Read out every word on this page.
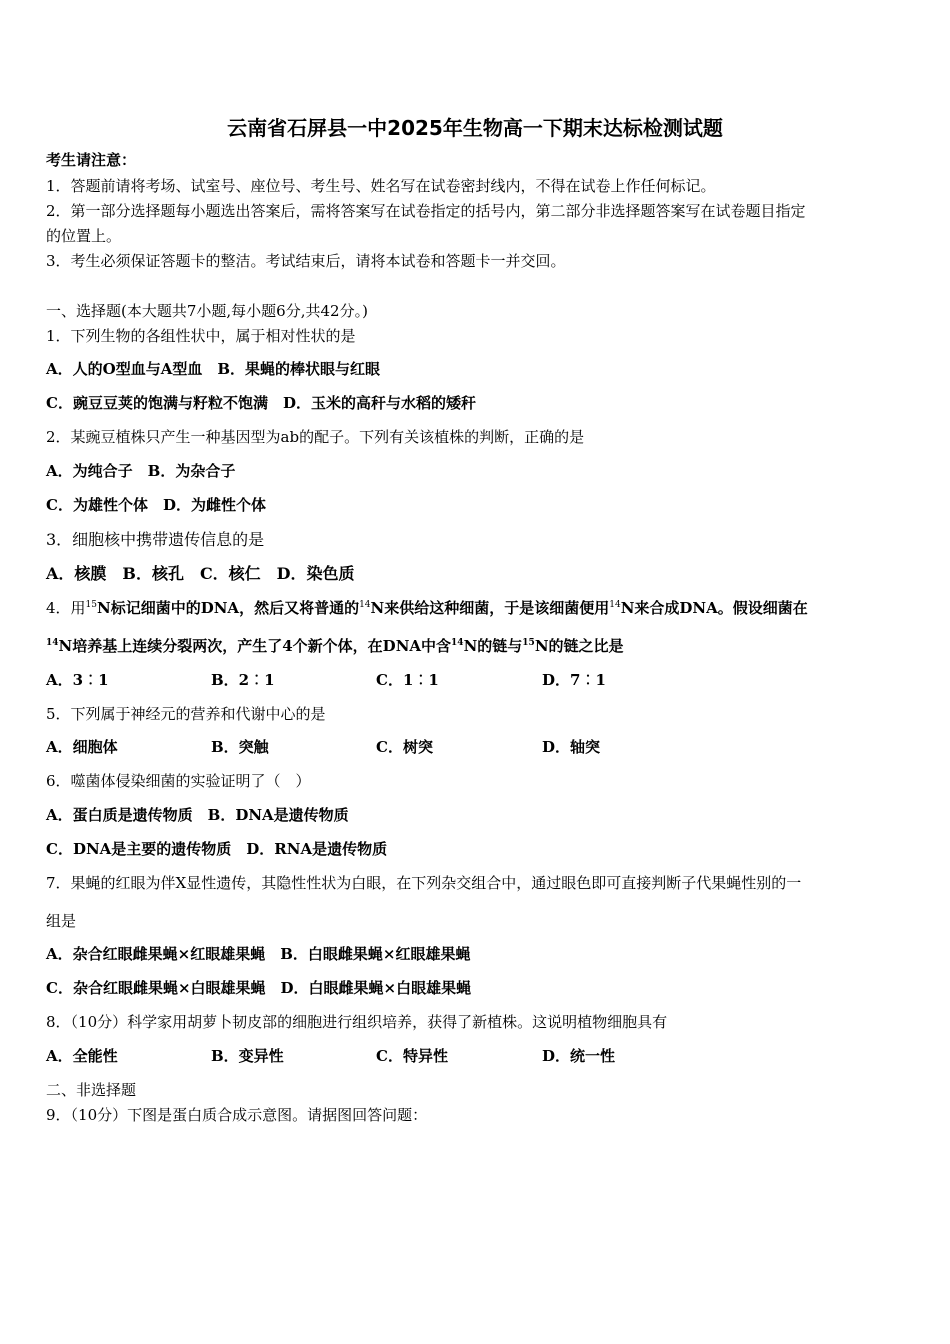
云南省石屏县一中2025年生物高一下期末达标检测试题
考生请注意：
1．答题前请将考场、试室号、座位号、考生号、姓名写在试卷密封线内，不得在试卷上作任何标记。
2．第一部分选择题每小题选出答案后，需将答案写在试卷指定的括号内，第二部分非选择题答案写在试卷题目指定
的位置上。
3．考生必须保证答题卡的整洁。考试结束后，请将本试卷和答题卡一并交回。
一、选择题(本大题共7小题,每小题6分,共42分。)
1．下列生物的各组性状中，属于相对性状的是
A．人的O型血与A型血　B．果蝇的棒状眼与红眼
C．豌豆豆荚的饱满与籽粒不饱满　D．玉米的高秆与水稻的矮秆
2．某豌豆植株只产生一种基因型为ab的配子。下列有关该植株的判断，正确的是
A．为纯合子　B．为杂合子
C．为雄性个体　D．为雌性个体
3．细胞核中携带遗传信息的是
A．核膜　B．核孔　C．核仁　D．染色质
4．用$^{15}$N标记细菌中的DNA，然后又将普通的$^{14}$N来供给这种细菌，于是该细菌便用$^{14}$N来合成DNA。假设细菌在
$^{14}$N培养基上连续分裂两次，产生了4个新个体，在DNA中含$^{14}$N的链与$^{15}$N的链之比是
A．3︰1	B．2︰1	C．1︰1	D．7︰1
5．下列属于神经元的营养和代谢中心的是
A．细胞体	B．突触	C．树突	D．轴突
6．噬菌体侵染细菌的实验证明了（　）
A．蛋白质是遗传物质　B．DNA是遗传物质
C．DNA是主要的遗传物质　D．RNA是遗传物质
7．果蝇的红眼为伴X显性遗传，其隐性性状为白眼，在下列杂交组合中，通过眼色即可直接判断子代果蝇性别的一
组是
A．杂合红眼雌果蝇×红眼雄果蝇　B．白眼雌果蝇×红眼雄果蝇
C．杂合红眼雌果蝇×白眼雄果蝇　D．白眼雌果蝇×白眼雄果蝇
8．（10分）科学家用胡萝卜韧皮部的细胞进行组织培养，获得了新植株。这说明植物细胞具有
A．全能性	B．变异性	C．特异性	D．统一性
二、非选择题
9．（10分）下图是蛋白质合成示意图。请据图回答问题：
